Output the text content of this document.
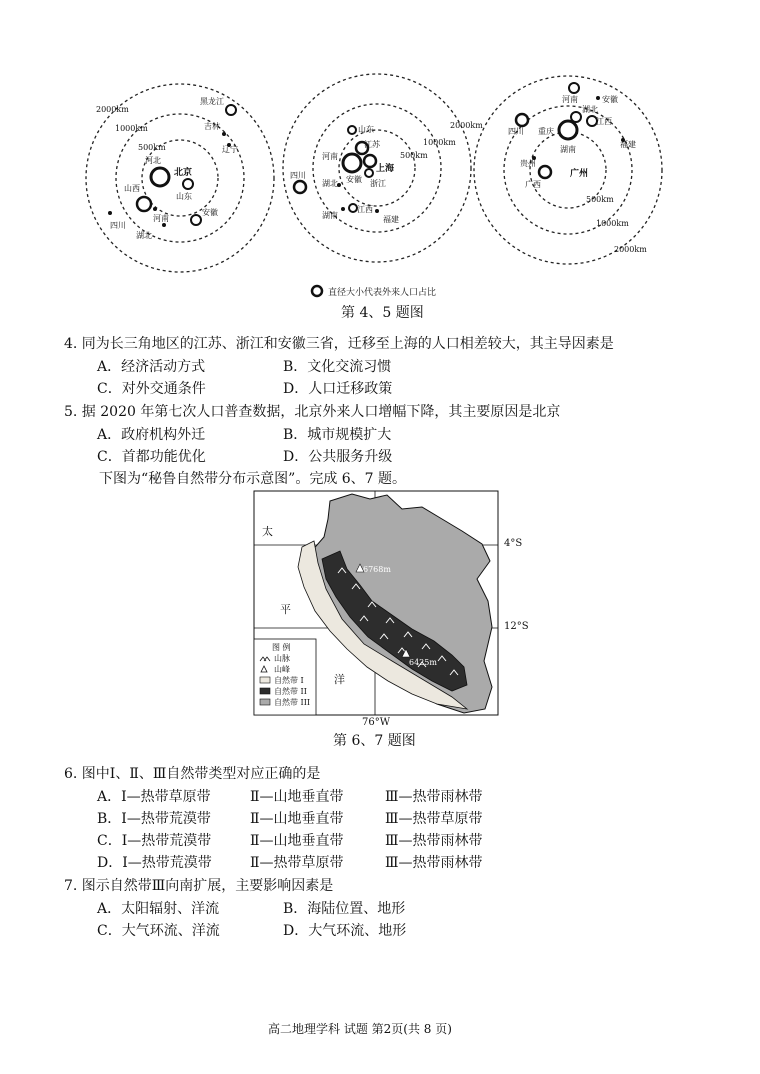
2000km
1000km
500km
北京
黑龙江
吉林
辽宁
河北
山西
山东
河南
安徽
四川
湖北
2000km
1000km
500km
山东
江苏
河南
四川
湖北 安徽
上海
浙江
湖南
江西
福建
500km
1000km
2000km
河南	安徽
四川 重庆
湖北
江西
福建
贵州
湖南
广西
广州
直径大小代表外来人口占比
第 4、5 题图
4. 同为长三角地区的江苏、浙江和安徽三省，迁移至上海的人口相差较大，其主导因素是
A．经济活动方式	B．文化交流习惯
C．对外交通条件	D．人口迁移政策
5. 据 2020 年第七次人口普查数据，北京外来人口增幅下降，其主要原因是北京
A．政府机构外迁	B．城市规模扩大
C．首都功能优化	D．公共服务升级
下图为“秘鲁自然带分布示意图”。完成 6、7 题。
6768m
6425m
太
平
洋
图 例
山脉
山峰
自然带 I
自然带 II
自然带 III
4°S
12°S
76°W
第 6、7 题图
6. 图中Ⅰ、Ⅱ、Ⅲ自然带类型对应正确的是
A．Ⅰ—热带草原带	Ⅱ—山地垂直带	Ⅲ—热带雨林带
B．Ⅰ—热带荒漠带	Ⅱ—山地垂直带	Ⅲ—热带草原带
C．Ⅰ—热带荒漠带	Ⅱ—山地垂直带	Ⅲ—热带雨林带
D．Ⅰ—热带荒漠带	Ⅱ—热带草原带	Ⅲ—热带雨林带
7. 图示自然带Ⅲ向南扩展，主要影响因素是
A．太阳辐射、洋流	B．海陆位置、地形
C．大气环流、洋流	D．大气环流、地形
高二地理学科 试题 第2页(共 8 页)
